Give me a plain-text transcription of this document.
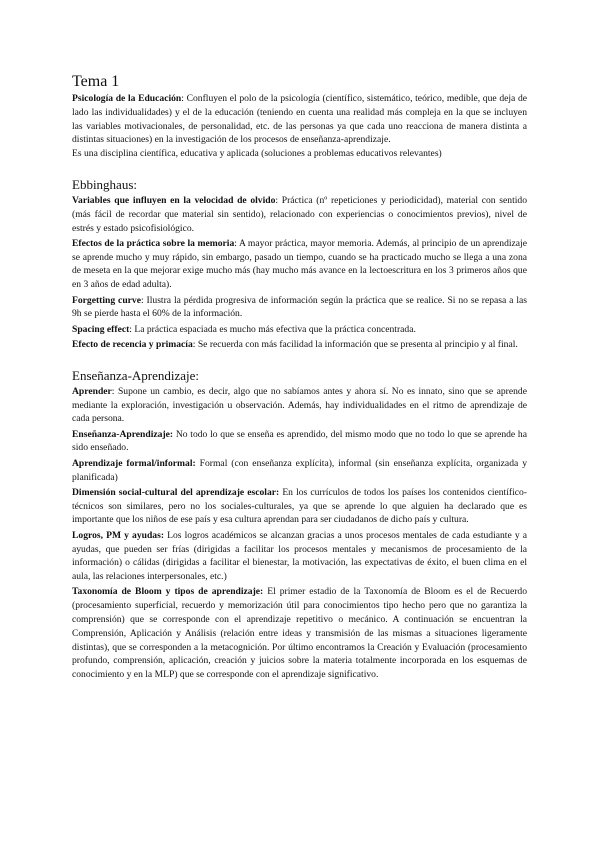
Tema 1

Psicología de la Educación: Confluyen el polo de la psicología (científico, sistemático, teórico, medible, que deja de lado las individualidades) y el de la educación (teniendo en cuenta una realidad más compleja en la que se incluyen las variables motivacionales, de personalidad, etc. de las personas ya que cada uno reacciona de manera distinta a distintas situaciones) en la investigación de los procesos de enseñanza-aprendizaje.

Es una disciplina científica, educativa y aplicada (soluciones a problemas educativos relevantes)

Ebbinghaus:

Variables que influyen en la velocidad de olvido: Práctica (nº repeticiones y periodicidad), material con sentido (más fácil de recordar que material sin sentido), relacionado con experiencias o conocimientos previos), nivel de estrés y estado psicofisiológico.

Efectos de la práctica sobre la memoria: A mayor práctica, mayor memoria. Además, al principio de un aprendizaje se aprende mucho y muy rápido, sin embargo, pasado un tiempo, cuando se ha practicado mucho se llega a una zona de meseta en la que mejorar exige mucho más (hay mucho más avance en la lectoescritura en los 3 primeros años que en 3 años de edad adulta).

Forgetting curve: Ilustra la pérdida progresiva de información según la práctica que se realice. Si no se repasa a las 9h se pierde hasta el 60% de la información.

Spacing effect: La práctica espaciada es mucho más efectiva que la práctica concentrada.

Efecto de recencia y primacía: Se recuerda con más facilidad la información que se presenta al principio y al final.

Enseñanza-Aprendizaje:

Aprender: Supone un cambio, es decir, algo que no sabíamos antes y ahora sí. No es innato, sino que se aprende mediante la exploración, investigación u observación. Además, hay individualidades en el ritmo de aprendizaje de cada persona.

Enseñanza-Aprendizaje: No todo lo que se enseña es aprendido, del mismo modo que no todo lo que se aprende ha sido enseñado.

Aprendizaje formal/informal: Formal (con enseñanza explícita), informal (sin enseñanza explícita, organizada y planificada)

Dimensión social-cultural del aprendizaje escolar: En los currículos de todos los países los contenidos científico-técnicos son similares, pero no los sociales-culturales, ya que se aprende lo que alguien ha declarado que es importante que los niños de ese país y esa cultura aprendan para ser ciudadanos de dicho país y cultura.

Logros, PM y ayudas: Los logros académicos se alcanzan gracias a unos procesos mentales de cada estudiante y a ayudas, que pueden ser frías (dirigidas a facilitar los procesos mentales y mecanismos de procesamiento de la información) o cálidas (dirigidas a facilitar el bienestar, la motivación, las expectativas de éxito, el buen clima en el aula, las relaciones interpersonales, etc.)

Taxonomía de Bloom y tipos de aprendizaje: El primer estadio de la Taxonomía de Bloom es el de Recuerdo (procesamiento superficial, recuerdo y memorización útil para conocimientos tipo hecho pero que no garantiza la comprensión) que se corresponde con el aprendizaje repetitivo o mecánico. A continuación se encuentran la Comprensión, Aplicación y Análisis (relación entre ideas y transmisión de las mismas a situaciones ligeramente distintas), que se corresponden a la metacognición. Por último encontramos la Creación y Evaluación (procesamiento profundo, comprensión, aplicación, creación y juicios sobre la materia totalmente incorporada en los esquemas de conocimiento y en la MLP) que se corresponde con el aprendizaje significativo.
